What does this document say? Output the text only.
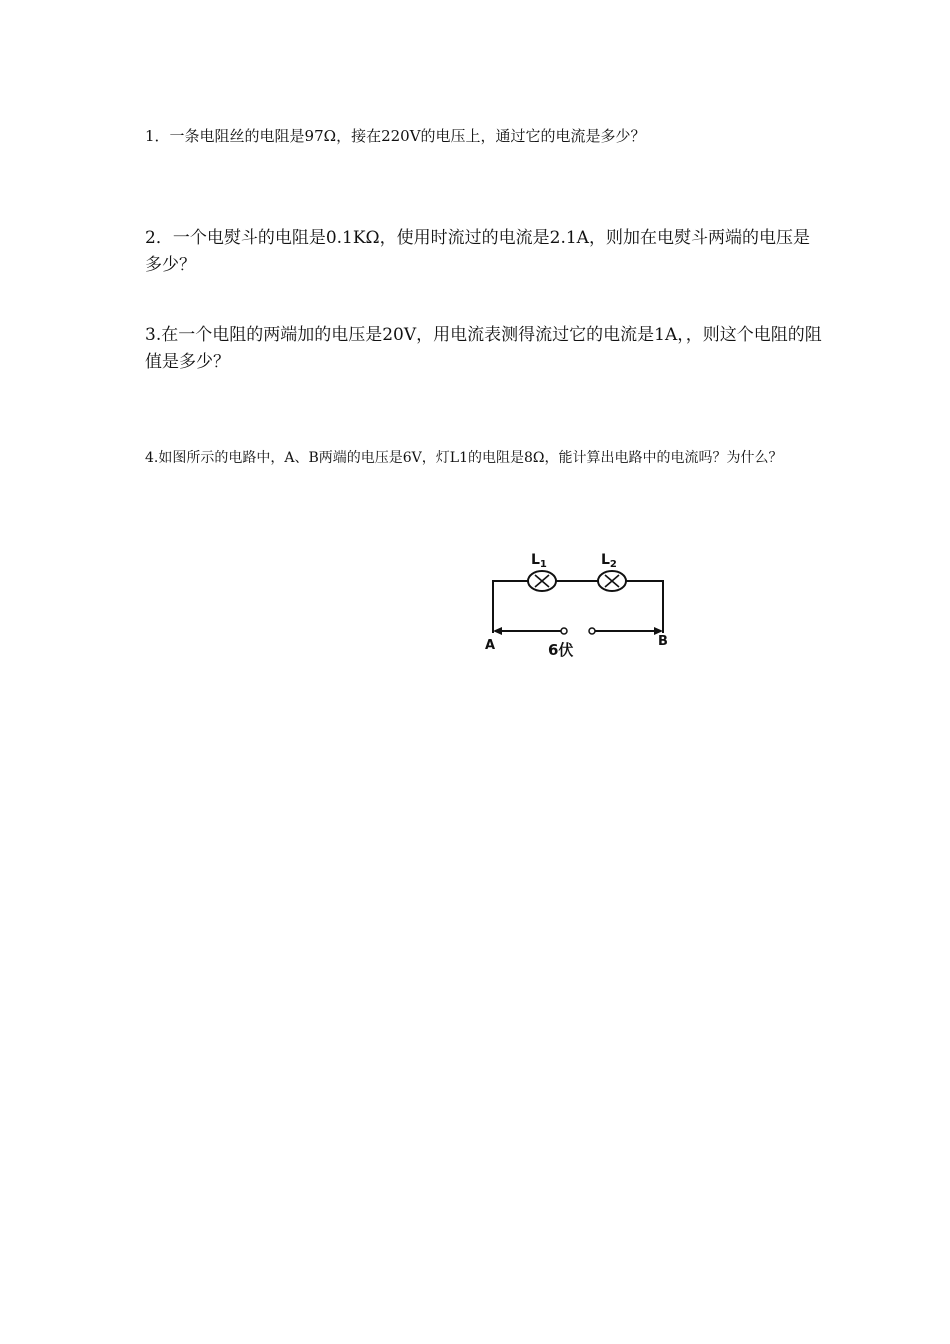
1．一条电阻丝的电阻是97Ω，接在220V的电压上，通过它的电流是多少？
2．一个电熨斗的电阻是0.1KΩ，使用时流过的电流是2.1A，则加在电熨斗两端的电压是多少？
3.在一个电阻的两端加的电压是20V，用电流表测得流过它的电流是1A，，则这个电阻的阻值是多少？
4.如图所示的电路中，A、B两端的电压是6V，灯L1的电阻是8Ω，能计算出电路中的电流吗？为什么？
$L_1$	$L_2$
A	B
6伏
